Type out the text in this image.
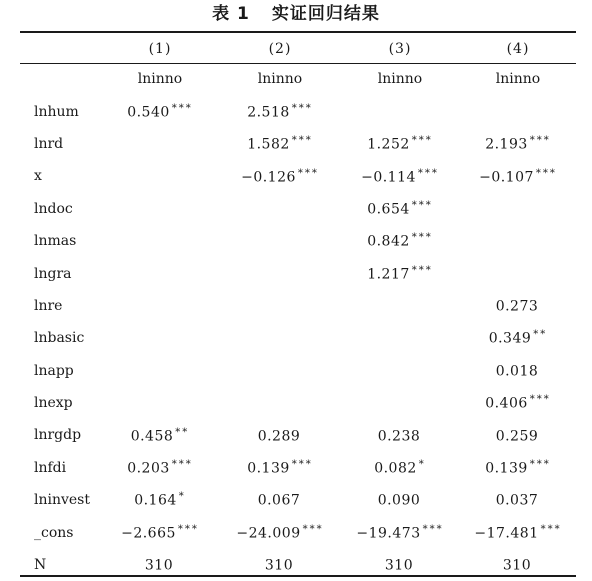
表 1 实证回归结果
	(1)	(2)	(3)	(4)
	lninno	lninno	lninno	lninno
lnhum	0.540 ***	2.518 ***		
lnrd		1.582 ***	1.252 ***	2.193 ***
x		−0.126 ***	−0.114 ***	−0.107 ***
lndoc			0.654 ***	
lnmas			0.842 ***	
lngra			1.217 ***	
lnre				0.273
lnbasic				0.349 **
lnapp				0.018
lnexp				0.406 ***
lnrgdp	0.458 **	0.289	0.238	0.259
lnfdi	0.203 ***	0.139 ***	0.082 *	0.139 ***
lninvest	0.164 *	0.067	0.090	0.037
_cons	−2.665 ***	−24.009 ***	−19.473 ***	−17.481 ***
N	310	310	310	310
